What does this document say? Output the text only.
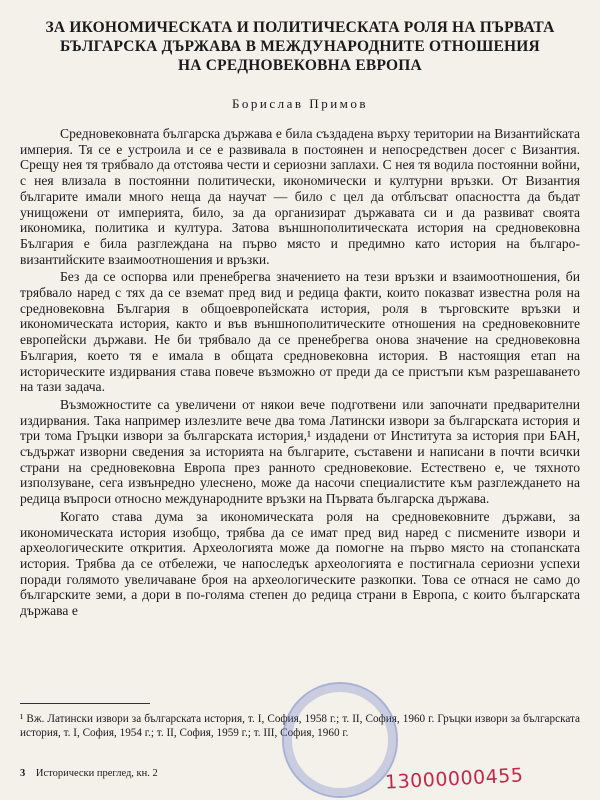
ЗА ИКОНОМИЧЕСКАТА И ПОЛИТИЧЕСКАТА РОЛЯ НА ПЪРВАТА
БЪЛГАРСКА ДЪРЖАВА В МЕЖДУНАРОДНИТЕ ОТНОШЕНИЯ
НА СРЕДНОВЕКОВНА ЕВРОПА
Борислав Примов

Средновековната българска държава е била създадена върху територии на Византийската империя. Тя се е устроила и се е развивала в постоянен и непосредствен досег с Византия. Срещу нея тя трябвало да отстоява чести и сериозни заплахи. С нея тя водила постоянни войни, с нея влизала в постоянни политически, икономически и културни връзки. От Византия българите имали много неща да научат — било с цел да отблъсват опасността да бъдат унищожени от империята, било, за да организират държавата си и да развиват своята икономика, политика и култура. Затова външнополитическата история на средновековна България е била разглеждана на първо място и предимно като история на българо-византийските взаимоотношения и връзки.

Без да се оспорва или пренебрегва значението на тези връзки и взаимоотношения, би трябвало наред с тях да се вземат пред вид и редица факти, които показват известна роля на средновековна България в общоевропейската история, роля в търговските връзки и икономическата история, както и във външнополитическите отношения на средновековните европейски държави. Не би трябвало да се пренебрегва онова значение на средновековна България, което тя е имала в общата средновековна история. В настоящия етап на историческите издирвания става повече възможно от преди да се пристъпи към разрешаването на тази задача.

Възможностите са увеличени от някои вече подготвени или започнати предварителни издирвания. Така например излезлите вече два тома Латински извори за българската история и три тома Гръцки извори за българската история,¹ издадени от Института за история при БАН, съдържат изворни сведения за историята на българите, съставени и написани в почти всички страни на средновековна Европа през ранното средновековие. Естествено е, че тяхното използуване, сега извънредно улеснено, може да насочи специалистите към разглеждането на редица въпроси относно международните връзки на Първата българска държава.

Когато става дума за икономическата роля на средновековните държави, за икономическата история изобщо, трябва да се имат пред вид наред с писмените извори и археологическите открития. Археологията може да помогне на първо място на стопанската история. Трябва да се отбележи, че напоследък археологията е постигнала сериозни успехи поради голямото увеличаване броя на археологическите разкопки. Това се отнася не само до българските земи, а дори в по-голяма степен до редица страни в Европа, с които българската държава е

¹ Вж. Латински извори за българската история, т. I, София, 1958 г.; т. II, София, 1960 г. Гръцки извори за българската история, т. I, София, 1954 г.; т. II, София, 1959 г.; т. III, София, 1960 г.
3 Исторически преглед, кн. 2	13000000455
